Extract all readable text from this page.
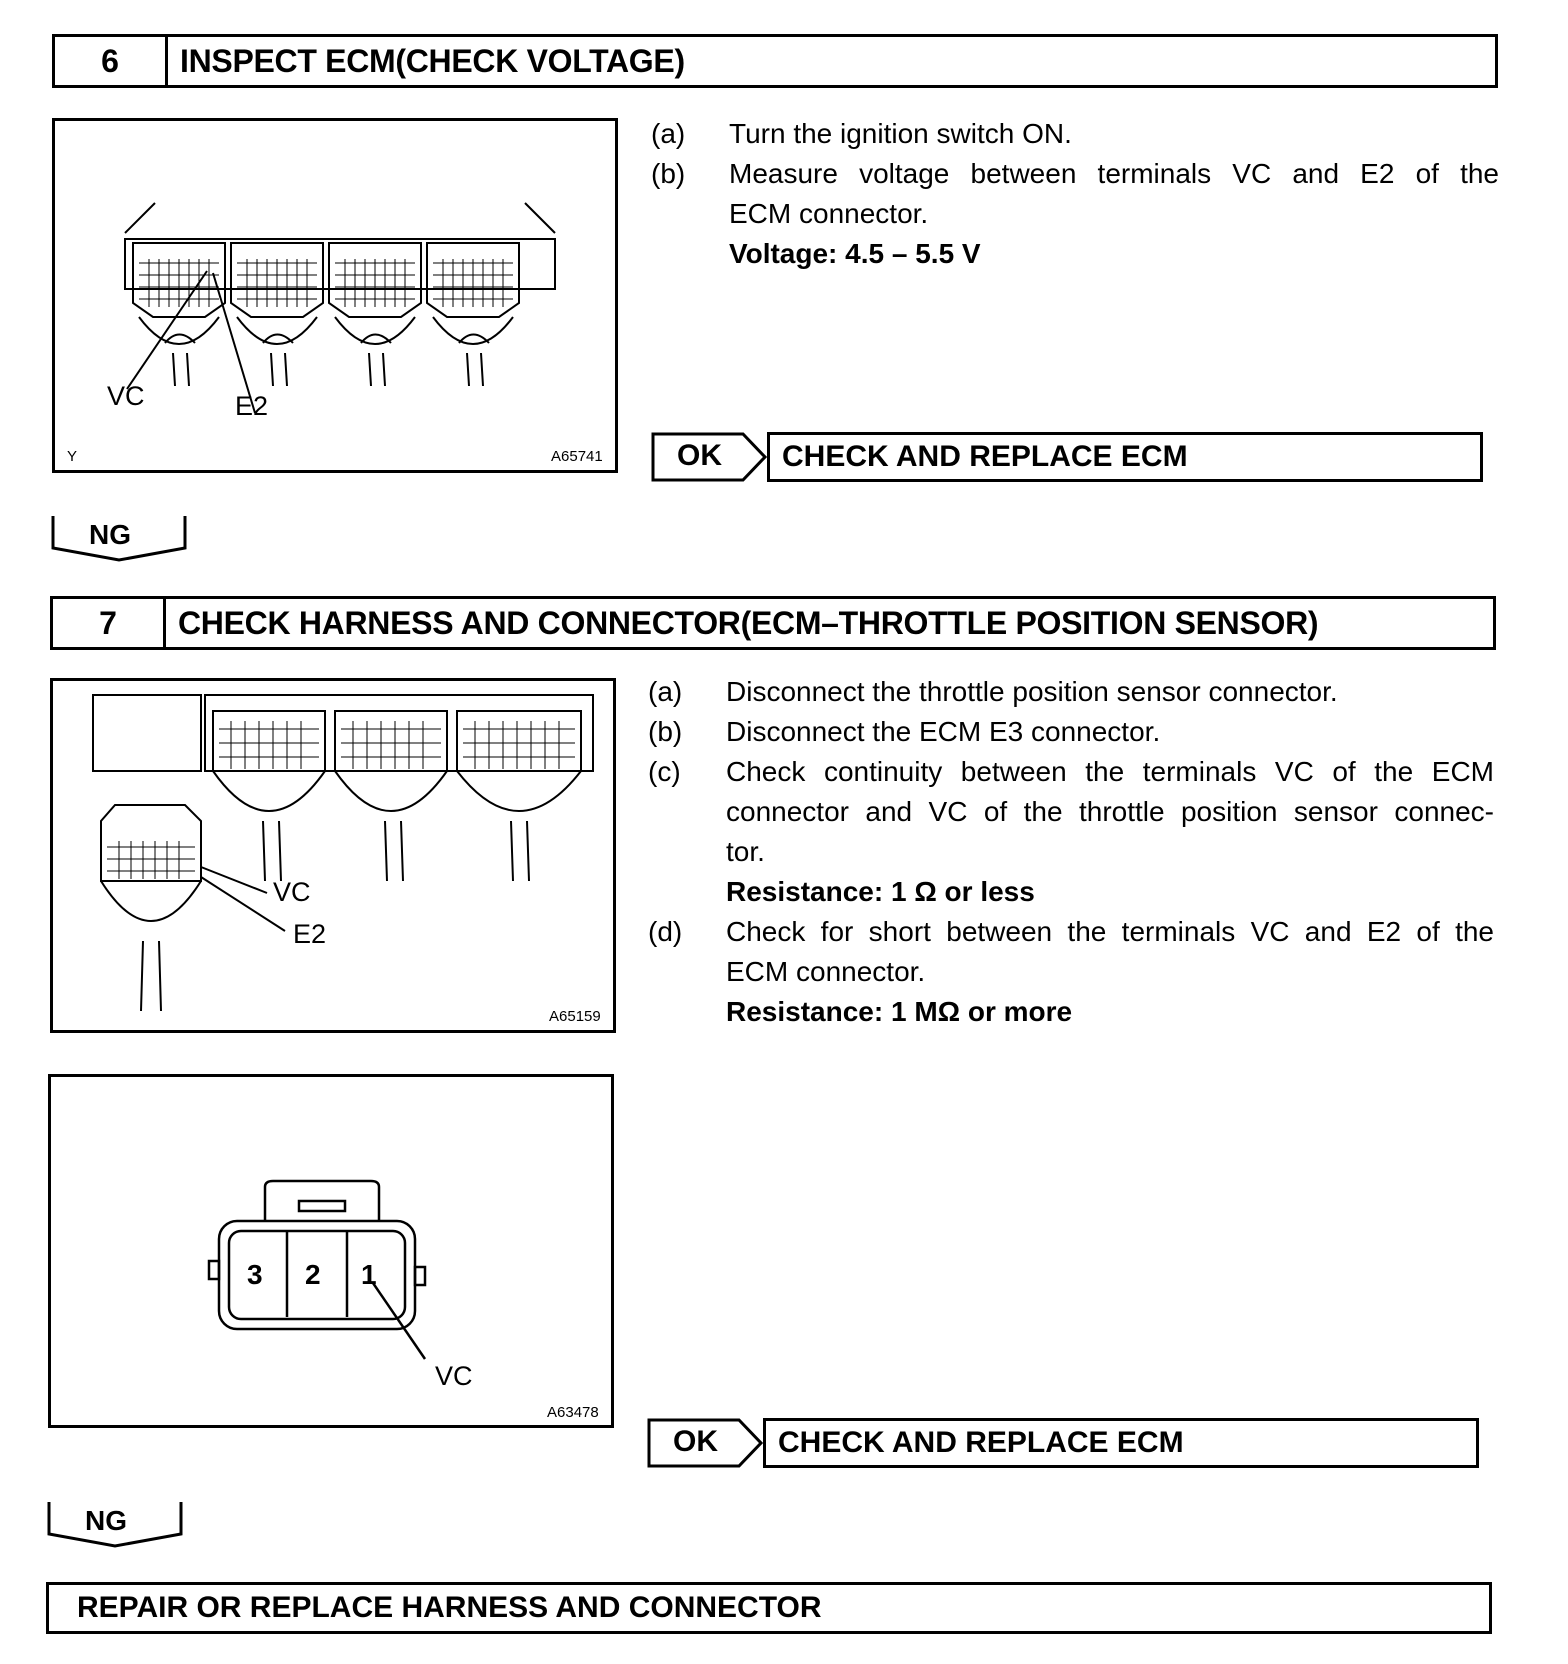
6	INSPECT ECM(CHECK VOLTAGE)
VC	E2
Y	A65741
(a)	Turn the ignition switch ON.
(b)	Measure voltage between terminals VC and E2 of the
ECM connector.
Voltage: 4.5 – 5.5 V
OK	CHECK AND REPLACE ECM
NG
7	CHECK HARNESS AND CONNECTOR(ECM–THROTTLE POSITION SENSOR)
VC
E2
A65159
3 2 1
VC
A63478
(a)	Disconnect the throttle position sensor connector.
(b)	Disconnect the ECM E3 connector.
(c)	Check continuity between the terminals VC of the ECM
connector and VC of the throttle position sensor connec-
tor.
Resistance: 1 Ω or less
(d)	Check for short between the terminals VC and E2 of the
ECM connector.
Resistance: 1 MΩ or more
OK	CHECK AND REPLACE ECM
NG
REPAIR OR REPLACE HARNESS AND CONNECTOR
